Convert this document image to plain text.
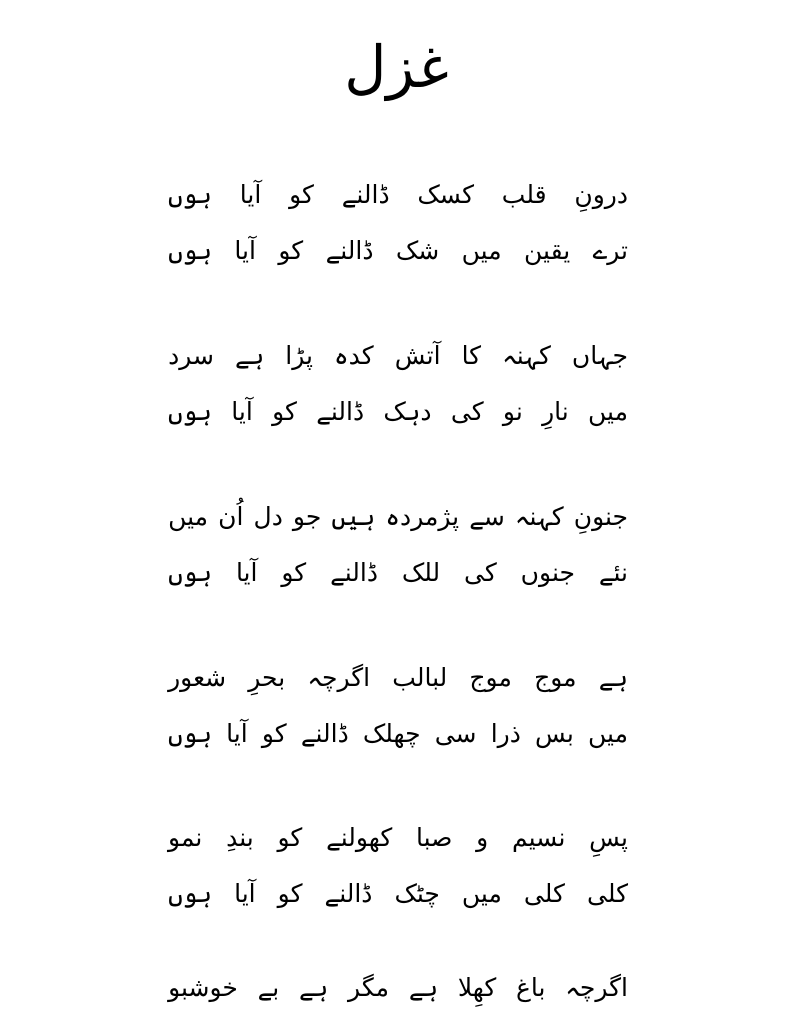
غزل
درونِ
قلب
کسک
ڈالنے
کو
آیا
ہوں
ترے
یقین
میں
شک
ڈالنے
کو
آیا
ہوں
جہاں
کہنہ
کا
آتش
کدہ
پڑا
ہے
سرد
میں
نارِ
نو
کی
دہک
ڈالنے
کو
آیا
ہوں
جنونِ
کہنہ
سے
پژمردہ
ہیں
جو
دل
اُن
میں
نئے
جنوں
کی
للک
ڈالنے
کو
آیا
ہوں
ہے
موج
موج
لبالب
اگرچہ
بحرِ
شعور
میں
بس
ذرا
سی
چھلک
ڈالنے
کو
آیا
ہوں
پسِ
نسیم
و
صبا
کھولنے
کو
بندِ
نمو
کلی
کلی
میں
چٹک
ڈالنے
کو
آیا
ہوں
اگرچہ
باغ
کھِلا
ہے
مگر
ہے
بے
خوشبو
